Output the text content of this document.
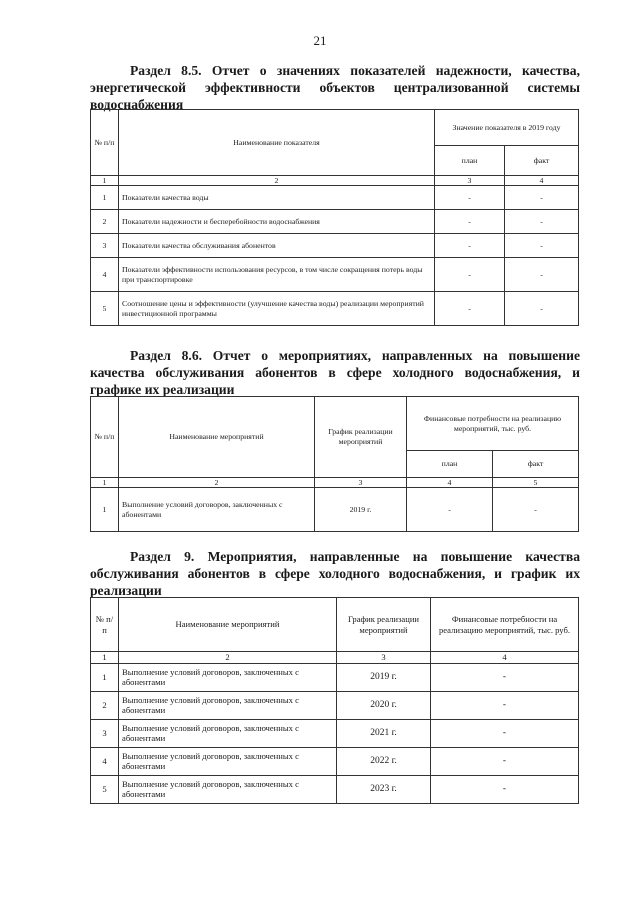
21

Раздел 8.5. Отчет о значениях показателей надежности, качества, энергетической эффективности объектов централизованной системы водоснабжения

№ п/п	Наименование показателя	Значение показателя в 2019 году	
		план	факт
1	2	3	4
1	Показатели качества воды	-	-
2	Показатели надежности и бесперебойности водоснабжения	-	-
3	Показатели качества обслуживания абонентов	-	-
4	Показатели эффективности использования ресурсов, в том числе сокращения потерь воды при транспортировке	-	-
5	Соотношение цены и эффективности (улучшение качества воды) реализации мероприятий инвестиционной программы	-	-

Раздел 8.6. Отчет о мероприятиях, направленных на повышение качества обслуживания абонентов в сфере холодного водоснабжения, и графике их реализации

№ п/п	Наименование мероприятий	График реализации мероприятий	Финансовые потребности на реализацию мероприятий, тыс. руб.	
			план	факт
1	2	3	4	5
1	Выполнение условий договоров, заключенных с абонентами	2019 г.	-	-

Раздел 9. Мероприятия, направленные на повышение качества обслуживания абонентов в сфере холодного водоснабжения, и график их реализации

№ п/п	Наименование мероприятий	График реализации мероприятий	Финансовые потребности на реализацию мероприятий, тыс. руб.
1	2	3	4
1	Выполнение условий договоров, заключенных с абонентами	2019 г.	-
2	Выполнение условий договоров, заключенных с абонентами	2020 г.	-
3	Выполнение условий договоров, заключенных с абонентами	2021 г.	-
4	Выполнение условий договоров, заключенных с абонентами	2022 г.	-
5	Выполнение условий договоров, заключенных с абонентами	2023 г.	-
